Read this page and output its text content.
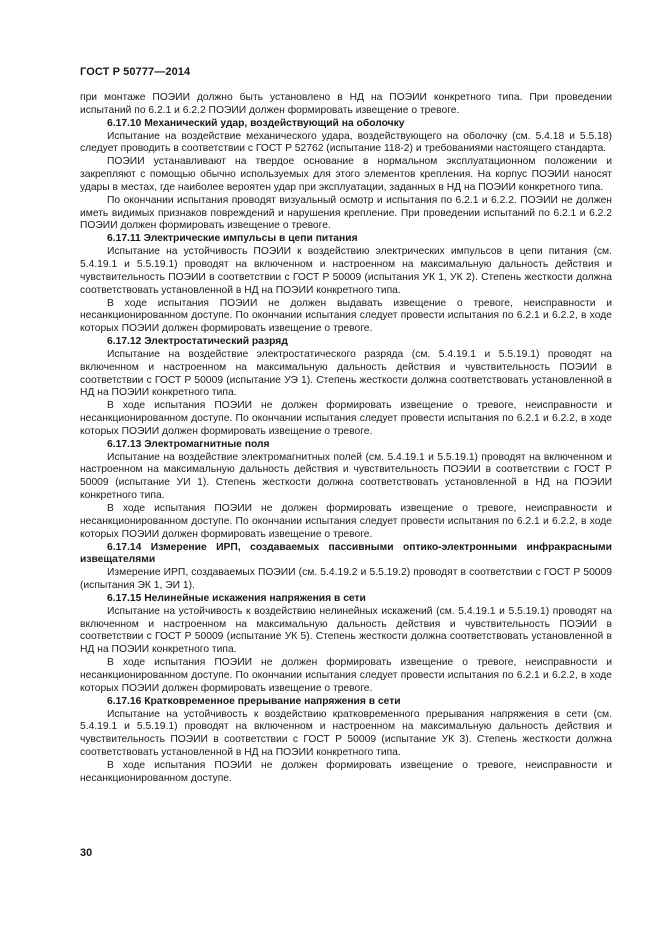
ГОСТ Р 50777—2014

при монтаже ПОЭИИ должно быть установлено в НД на ПОЭИИ конкретного типа. При проведении испытаний по 6.2.1 и 6.2.2 ПОЭИИ должен формировать извещение о тревоге.

6.17.10 Механический удар, воздействующий на оболочку

Испытание на воздействие механического удара, воздействующего на оболочку (см. 5.4.18 и 5.5.18) следует проводить в соответствии с ГОСТ Р 52762 (испытание 118-2) и требованиями настоящего стандарта.

ПОЭИИ устанавливают на твердое основание в нормальном эксплуатационном положении и закрепляют с помощью обычно используемых для этого элементов крепления. На корпус ПОЭИИ наносят удары в местах, где наиболее вероятен удар при эксплуатации, заданных в НД на ПОЭИИ конкретного типа.

По окончании испытания проводят визуальный осмотр и испытания по 6.2.1 и 6.2.2. ПОЭИИ не должен иметь видимых признаков повреждений и нарушения крепление. При проведении испытаний по 6.2.1 и 6.2.2 ПОЭИИ должен формировать извещение о тревоге.

6.17.11 Электрические импульсы в цепи питания

Испытание на устойчивость ПОЭИИ к воздействию электрических импульсов в цепи питания (см. 5.4.19.1 и 5.5.19.1) проводят на включенном и настроенном на максимальную дальность действия и чувствительность ПОЭИИ в соответствии с ГОСТ Р 50009 (испытания УК 1, УК 2). Степень жесткости должна соответствовать установленной в НД на ПОЭИИ конкретного типа.

В ходе испытания ПОЭИИ не должен выдавать извещение о тревоге, неисправности и несанкционированном доступе. По окончании испытания следует провести испытания по 6.2.1 и 6.2.2, в ходе которых ПОЭИИ должен формировать извещение о тревоге.

6.17.12 Электростатический разряд

Испытание на воздействие электростатического разряда (см. 5.4.19.1 и 5.5.19.1) проводят на включенном и настроенном на максимальную дальность действия и чувствительность ПОЭИИ в соответствии с ГОСТ Р 50009 (испытание УЭ 1). Степень жесткости должна соответствовать установленной в НД на ПОЭИИ конкретного типа.

В ходе испытания ПОЭИИ не должен формировать извещение о тревоге, неисправности и несанкционированном доступе. По окончании испытания следует провести испытания по 6.2.1 и 6.2.2, в ходе которых ПОЭИИ должен формировать извещение о тревоге.

6.17.13 Электромагнитные поля

Испытание на воздействие электромагнитных полей (см. 5.4.19.1 и 5.5.19.1) проводят на включенном и настроенном на максимальную дальность действия и чувствительность ПОЭИИ в соответствии с ГОСТ Р 50009 (испытание УИ 1). Степень жесткости должна соответствовать установленной в НД на ПОЭИИ конкретного типа.

В ходе испытания ПОЭИИ не должен формировать извещение о тревоге, неисправности и несанкционированном доступе. По окончании испытания следует провести испытания по 6.2.1 и 6.2.2, в ходе которых ПОЭИИ должен формировать извещение о тревоге.

6.17.14 Измерение ИРП, создаваемых пассивными оптико-электронными инфракрасными извещателями

Измерение ИРП, создаваемых ПОЭИИ (см. 5.4.19.2 и 5.5.19.2) проводят в соответствии с ГОСТ Р 50009 (испытания ЭК 1, ЭИ 1).

6.17.15 Нелинейные искажения напряжения в сети

Испытание на устойчивость к воздействию нелинейных искажений (см. 5.4.19.1 и 5.5.19.1) проводят на включенном и настроенном на максимальную дальность действия и чувствительность ПОЭИИ в соответствии с ГОСТ Р 50009 (испытание УК 5). Степень жесткости должна соответствовать установленной в НД на ПОЭИИ конкретного типа.

В ходе испытания ПОЭИИ не должен формировать извещение о тревоге, неисправности и несанкционированном доступе. По окончании испытания следует провести испытания по 6.2.1 и 6.2.2, в ходе которых ПОЭИИ должен формировать извещение о тревоге.

6.17.16 Кратковременное прерывание напряжения в сети

Испытание на устойчивость к воздействию кратковременного прерывания напряжения в сети (см. 5.4.19.1 и 5.5.19.1) проводят на включенном и настроенном на максимальную дальность действия и чувствительность ПОЭИИ в соответствии с ГОСТ Р 50009 (испытание УК 3). Степень жесткости должна соответствовать установленной в НД на ПОЭИИ конкретного типа.

В ходе испытания ПОЭИИ не должен формировать извещение о тревоге, неисправности и несанкционированном доступе.

30
